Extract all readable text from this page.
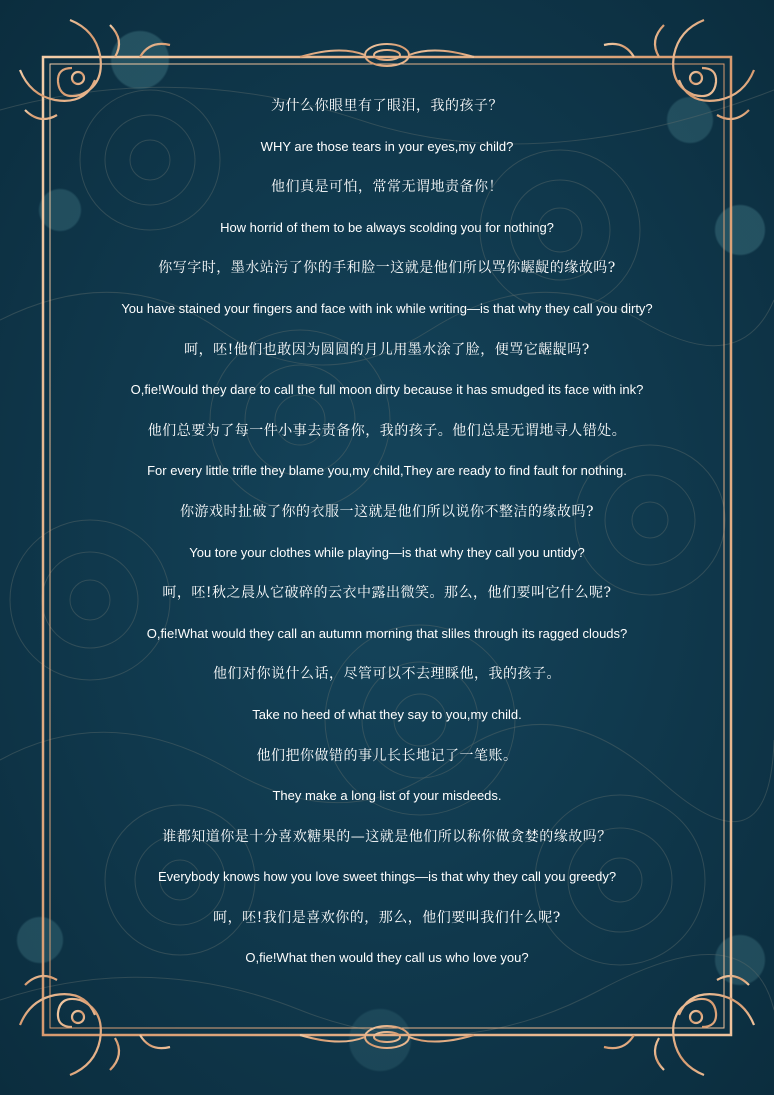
为什么你眼里有了眼泪，我的孩子？
WHY are those tears in your eyes,my child?
他们真是可怕，常常无谓地责备你！
How horrid of them to be always scolding you for nothing?
你写字时，墨水站污了你的手和脸一这就是他们所以骂你龌龊的缘故吗?
You have stained your fingers and face with ink while writing—is that why they call you dirty?
呵，呸!他们也敢因为圆圆的月儿用墨水涂了脸，便骂它龌龊吗?
O,fie!Would they dare to call the full moon dirty because it has smudged its face with ink?
他们总要为了每一件小事去责备你，我的孩子。他们总是无谓地寻人错处。
For every little trifle they blame you,my child,They are ready to find fault for nothing.
你游戏时扯破了你的衣服一这就是他们所以说你不整洁的缘故吗?
You tore your clothes while playing—is that why they call you untidy?
呵，呸!秋之晨从它破碎的云衣中露出微笑。那么，他们要叫它什么呢?
O,fie!What would they call an autumn morning that sliles through its ragged clouds?
他们对你说什么话，尽管可以不去理睬他，我的孩子。
Take no heed of what they say to you,my child.
他们把你做错的事儿长长地记了一笔账。
They make a long list of your misdeeds.
谁都知道你是十分喜欢糖果的—这就是他们所以称你做贪婪的缘故吗？
Everybody knows how you love sweet things—is that why they call you greedy?
呵，呸!我们是喜欢你的，那么，他们要叫我们什么呢?
O,fie!What then would they call us who love you?
